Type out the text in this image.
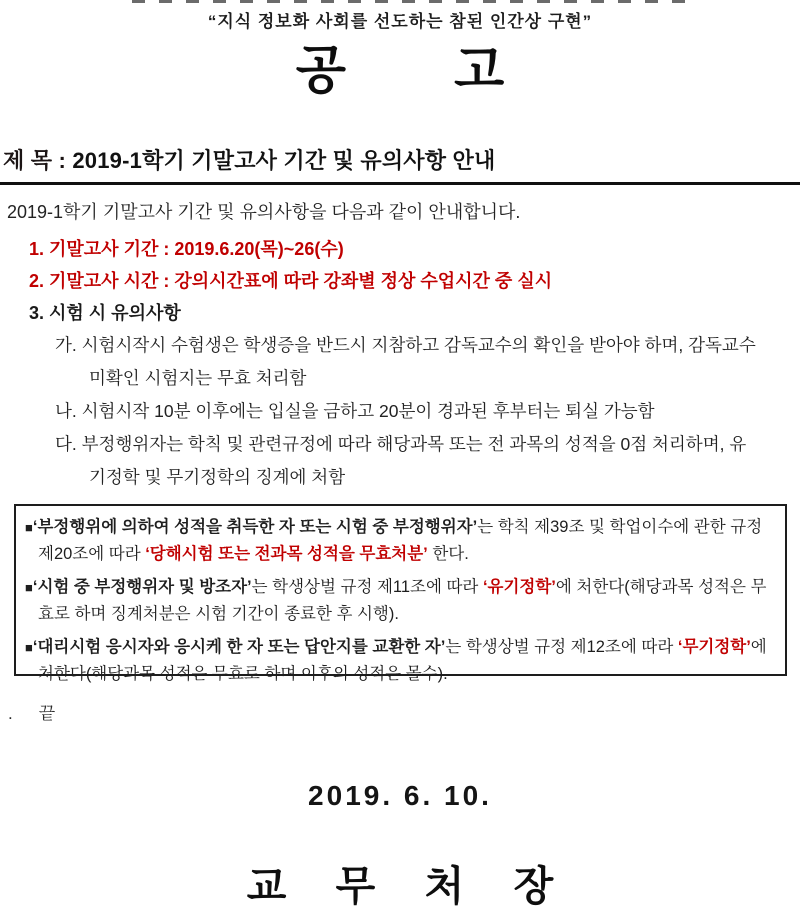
“지식 정보화 사회를 선도하는 참된 인간상 구현”
공 고
제 목 : 2019-1학기 기말고사 기간 및 유의사항 안내
2019-1학기 기말고사 기간 및 유의사항을 다음과 같이 안내합니다.
1. 기말고사 기간 : 2019.6.20(목)~26(수)
2. 기말고사 시간 : 강의시간표에 따라 강좌별 정상 수업시간 중 실시
3. 시험 시 유의사항
가. 시험시작시 수험생은 학생증을 반드시 지참하고 감독교수의 확인을 받아야 하며, 감독교수
미확인 시험지는 무효 처리함
나. 시험시작 10분 이후에는 입실을 금하고 20분이 경과된 후부터는 퇴실 가능함
다. 부정행위자는 학칙 및 관련규정에 따라 해당과목 또는 전 과목의 성적을 0점 처리하며, 유
기정학 및 무기정학의 징계에 처함
■‘부정행위에 의하여 성적을 취득한 자 또는 시험 중 부정행위자’는 학칙 제39조 및 학업이수에 관한 규정 제20조에 따라 ‘당해시험 또는 전과목 성적을 무효처분’ 한다.
■‘시험 중 부정행위자 및 방조자’는 학생상벌 규정 제11조에 따라 ‘유기정학’에 처한다(해당과목 성적은 무효로 하며 징계처분은 시험 기간이 종료한 후 시행).
■‘대리시험 응시자와 응시케 한 자 또는 답안지를 교환한 자’는 학생상벌 규정 제12조에 따라 ‘무기정학’에 처한다(해당과목 성적은 무효로 하며 이후의 성적은 몰수).
. 끝
2019. 6. 10.
교 무 처 장
